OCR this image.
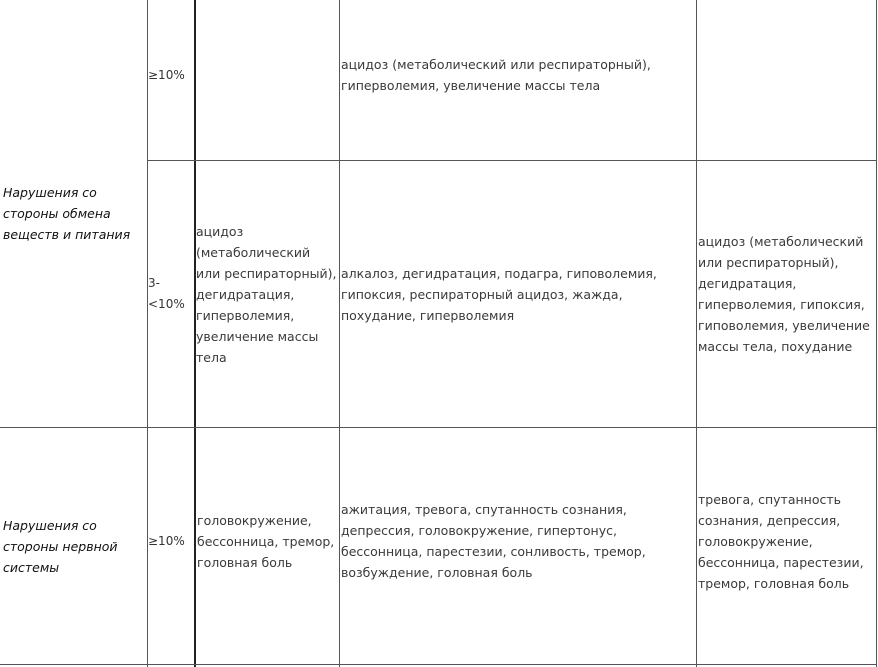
Нарушения со стороны обмена веществ и питания
≥10%
ацидоз (метаболический или респираторный), гиперволемия, увеличение массы тела
3- <10%
ацидоз (метаболический или респираторный), дегидратация, гиперволемия, увеличение массы тела
алкалоз, дегидратация, подагра, гиповолемия, гипоксия, респираторный ацидоз, жажда, похудание, гиперволемия
ацидоз (метаболический или респираторный), дегидратация, гиперволемия, гипоксия, гиповолемия, увеличение массы тела, похудание
Нарушения со стороны нервной системы
≥10%
головокружение, бессонница, тремор, головная боль
ажитация, тревога, спутанность сознания, депрессия, головокружение, гипертонус, бессонница, парестезии, сонливость, тремор, возбуждение, головная боль
тревога, спутанность сознания, депрессия, головокружение, бессонница, парестезии, тремор, головная боль
